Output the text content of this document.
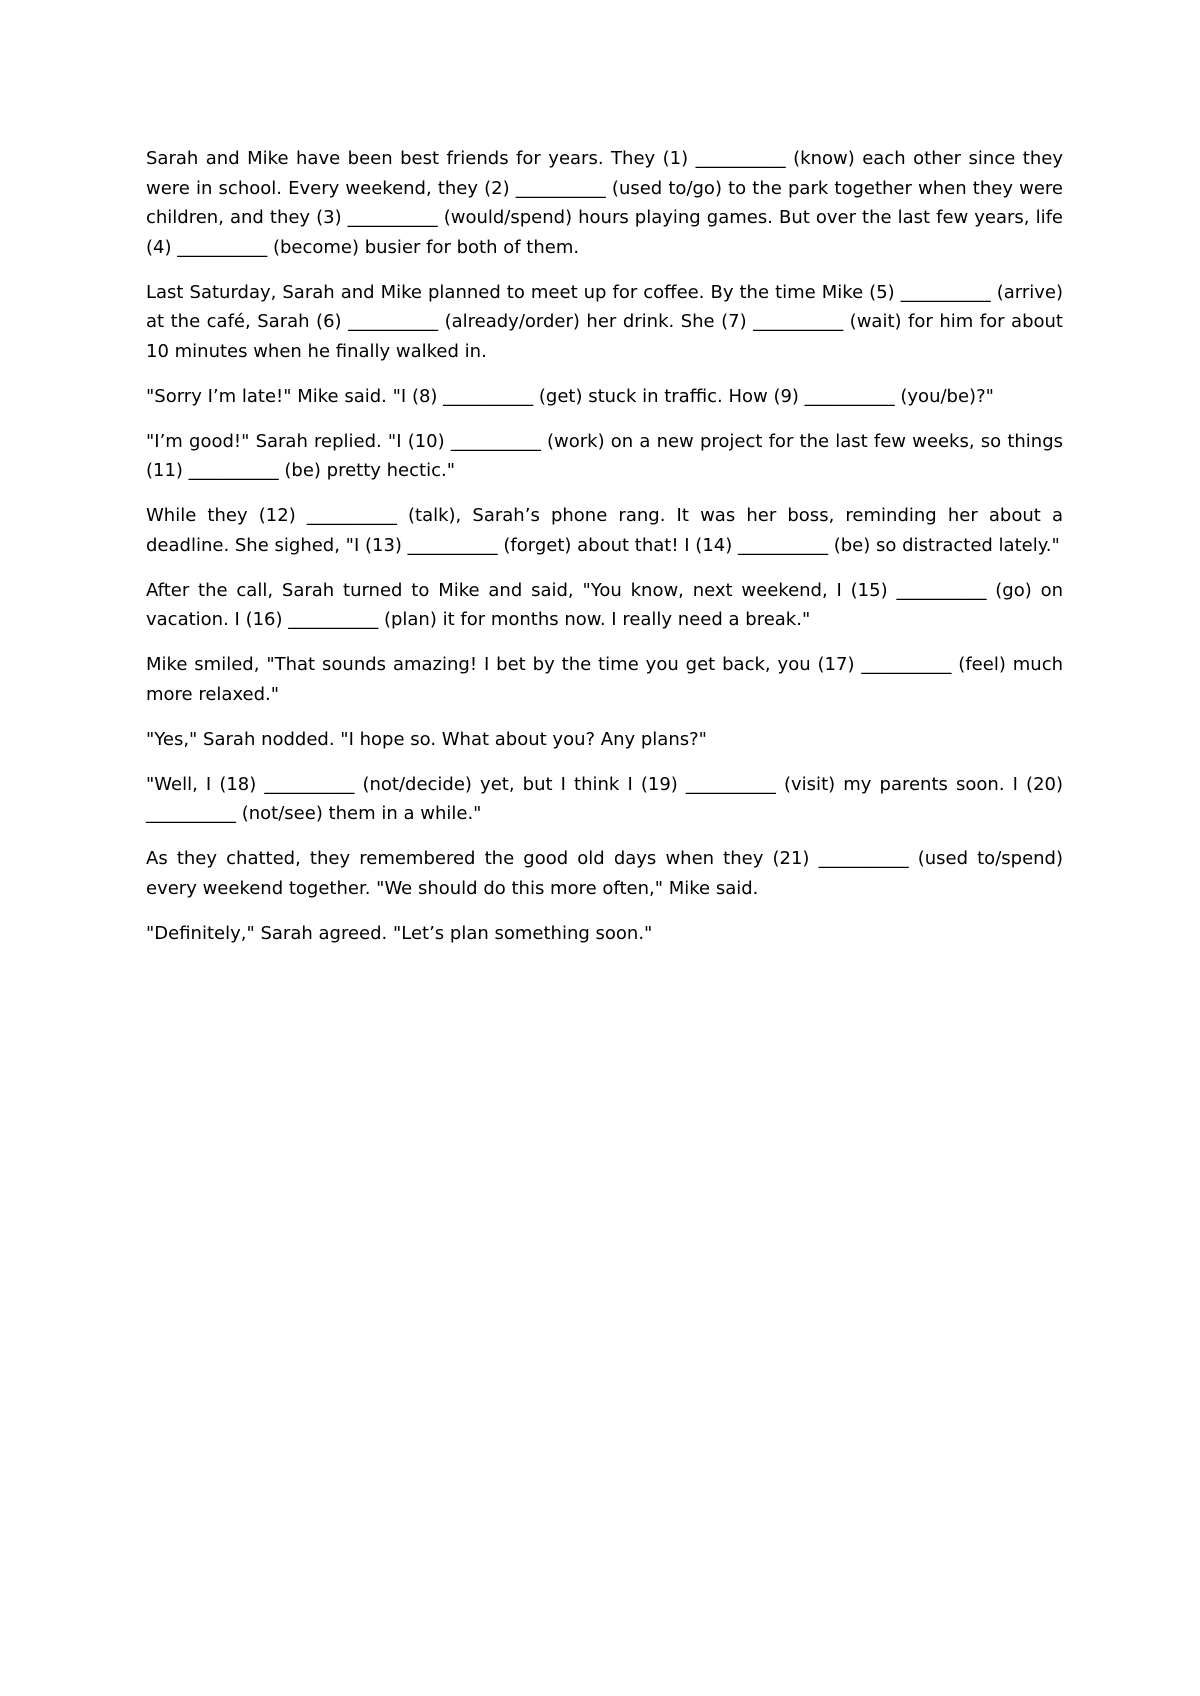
Sarah and Mike have been best friends for years. They (1) __________ (know) each other since they were in school. Every weekend, they (2) __________ (used to/go) to the park together when they were children, and they (3) __________ (would/spend) hours playing games. But over the last few years, life (4) __________ (become) busier for both of them.

Last Saturday, Sarah and Mike planned to meet up for coffee. By the time Mike (5) __________ (arrive) at the café, Sarah (6) __________ (already/order) her drink. She (7) __________ (wait) for him for about 10 minutes when he finally walked in.

"Sorry I’m late!" Mike said. "I (8) __________ (get) stuck in traffic. How (9) __________ (you/be)?"

"I’m good!" Sarah replied. "I (10) __________ (work) on a new project for the last few weeks, so things (11) __________ (be) pretty hectic."

While they (12) __________ (talk), Sarah’s phone rang. It was her boss, reminding her about a deadline. She sighed, "I (13) __________ (forget) about that! I (14) __________ (be) so distracted lately."

After the call, Sarah turned to Mike and said, "You know, next weekend, I (15) __________ (go) on vacation. I (16) __________ (plan) it for months now. I really need a break."

Mike smiled, "That sounds amazing! I bet by the time you get back, you (17) __________ (feel) much more relaxed."

"Yes," Sarah nodded. "I hope so. What about you? Any plans?"

"Well, I (18) __________ (not/decide) yet, but I think I (19) __________ (visit) my parents soon. I (20) __________ (not/see) them in a while."

As they chatted, they remembered the good old days when they (21) __________ (used to/spend) every weekend together. "We should do this more often," Mike said.

"Definitely," Sarah agreed. "Let’s plan something soon."
